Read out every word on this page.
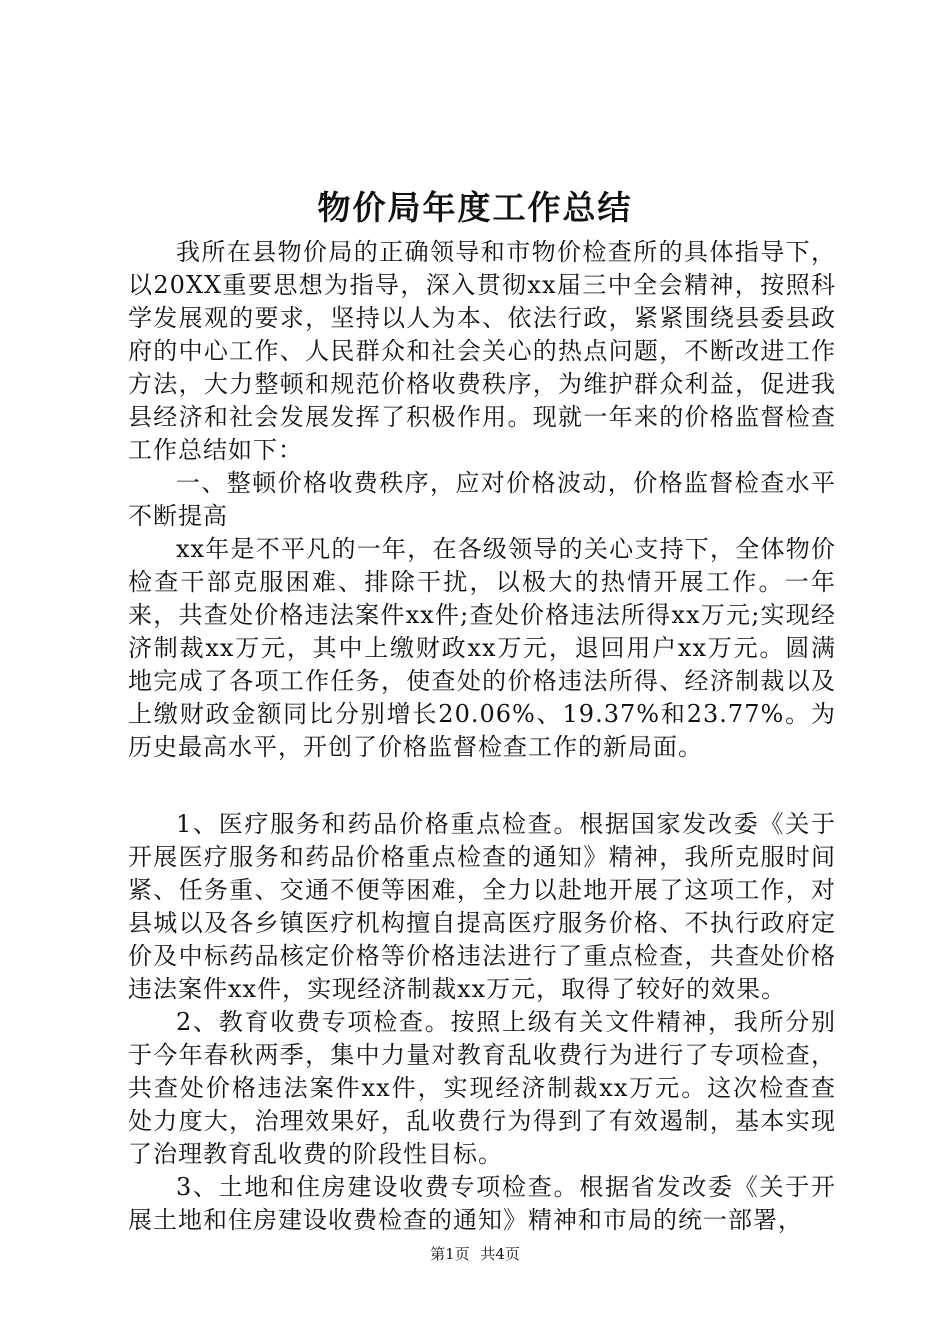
物价局年度工作总结

我所在县物价局的正确领导和市物价检查所的具体指导下，以20XX重要思想为指导，深入贯彻xx届三中全会精神，按照科学发展观的要求，坚持以人为本、依法行政，紧紧围绕县委县政府的中心工作、人民群众和社会关心的热点问题，不断改进工作方法，大力整顿和规范价格收费秩序，为维护群众利益，促进我县经济和社会发展发挥了积极作用。现就一年来的价格监督检查工作总结如下：

一、整顿价格收费秩序，应对价格波动，价格监督检查水平不断提高

xx年是不平凡的一年，在各级领导的关心支持下，全体物价检查干部克服困难、排除干扰，以极大的热情开展工作。一年来，共查处价格违法案件xx件;查处价格违法所得xx万元;实现经济制裁xx万元，其中上缴财政xx万元，退回用户xx万元。圆满地完成了各项工作任务，使查处的价格违法所得、经济制裁以及上缴财政金额同比分别增长20.06%、19.37%和23.77%。为历史最高水平，开创了价格监督检查工作的新局面。

1、医疗服务和药品价格重点检查。根据国家发改委《关于开展医疗服务和药品价格重点检查的通知》精神，我所克服时间紧、任务重、交通不便等困难，全力以赴地开展了这项工作，对县城以及各乡镇医疗机构擅自提高医疗服务价格、不执行政府定价及中标药品核定价格等价格违法进行了重点检查，共查处价格违法案件xx件，实现经济制裁xx万元，取得了较好的效果。

2、教育收费专项检查。按照上级有关文件精神，我所分别于今年春秋两季，集中力量对教育乱收费行为进行了专项检查，共查处价格违法案件xx件，实现经济制裁xx万元。这次检查查处力度大，治理效果好，乱收费行为得到了有效遏制，基本实现了治理教育乱收费的阶段性目标。

3、土地和住房建设收费专项检查。根据省发改委《关于开展土地和住房建设收费检查的通知》精神和市局的统一部署，

第1页 共4页
